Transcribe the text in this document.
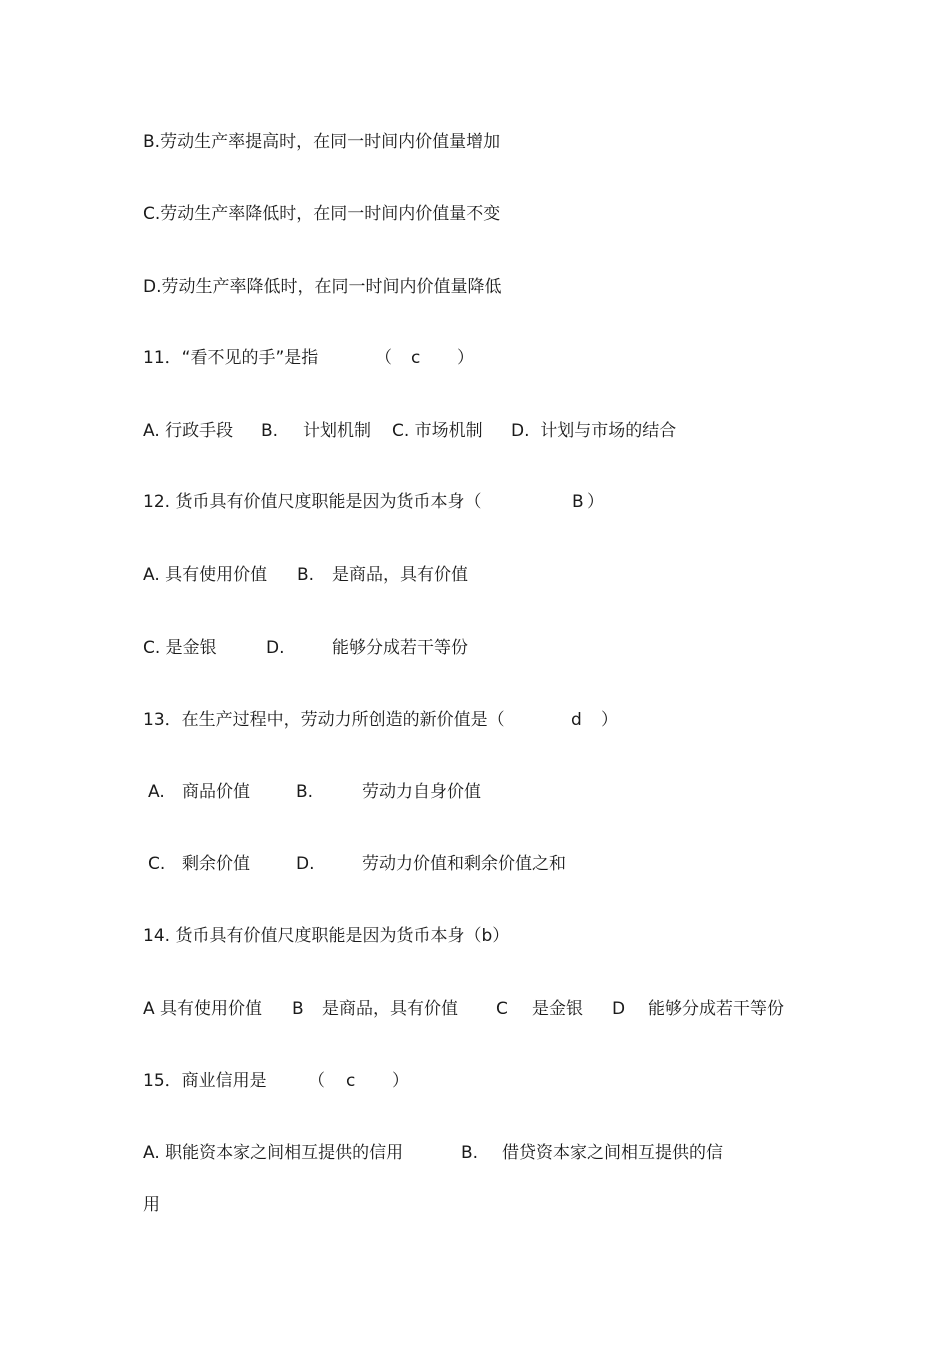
B.劳动生产率提高时，在同一时间内价值量增加
C.劳动生产率降低时，在同一时间内价值量不变
D.劳动生产率降低时，在同一时间内价值量降低

11．“看不见的手”是指

	（

c

）

A. 行政手段

B.

计划机制

C. 市场机制

D.  计划与市场的结合

12. 货币具有价值尺度职能是因为货币本身（

	B

）

A. 具有使用价值

B.

是商品，具有价值

C. 是金银

	D.

	能够分成若干等份

13．在生产过程中，劳动力所创造的新价值是（

	d

）

A.

商品价值

	B.

	劳动力自身价值

C.

剩余价值

	D.

	劳动力价值和剩余价值之和

14. 货币具有价值尺度职能是因为货币本身（b）

A 具有使用价值

B

是商品，具有价值

C

是金银

D

能够分成若干等份

15．商业信用是

（

c

）

A. 职能资本家之间相互提供的信用

	B.

借贷资本家之间相互提供的信

用
